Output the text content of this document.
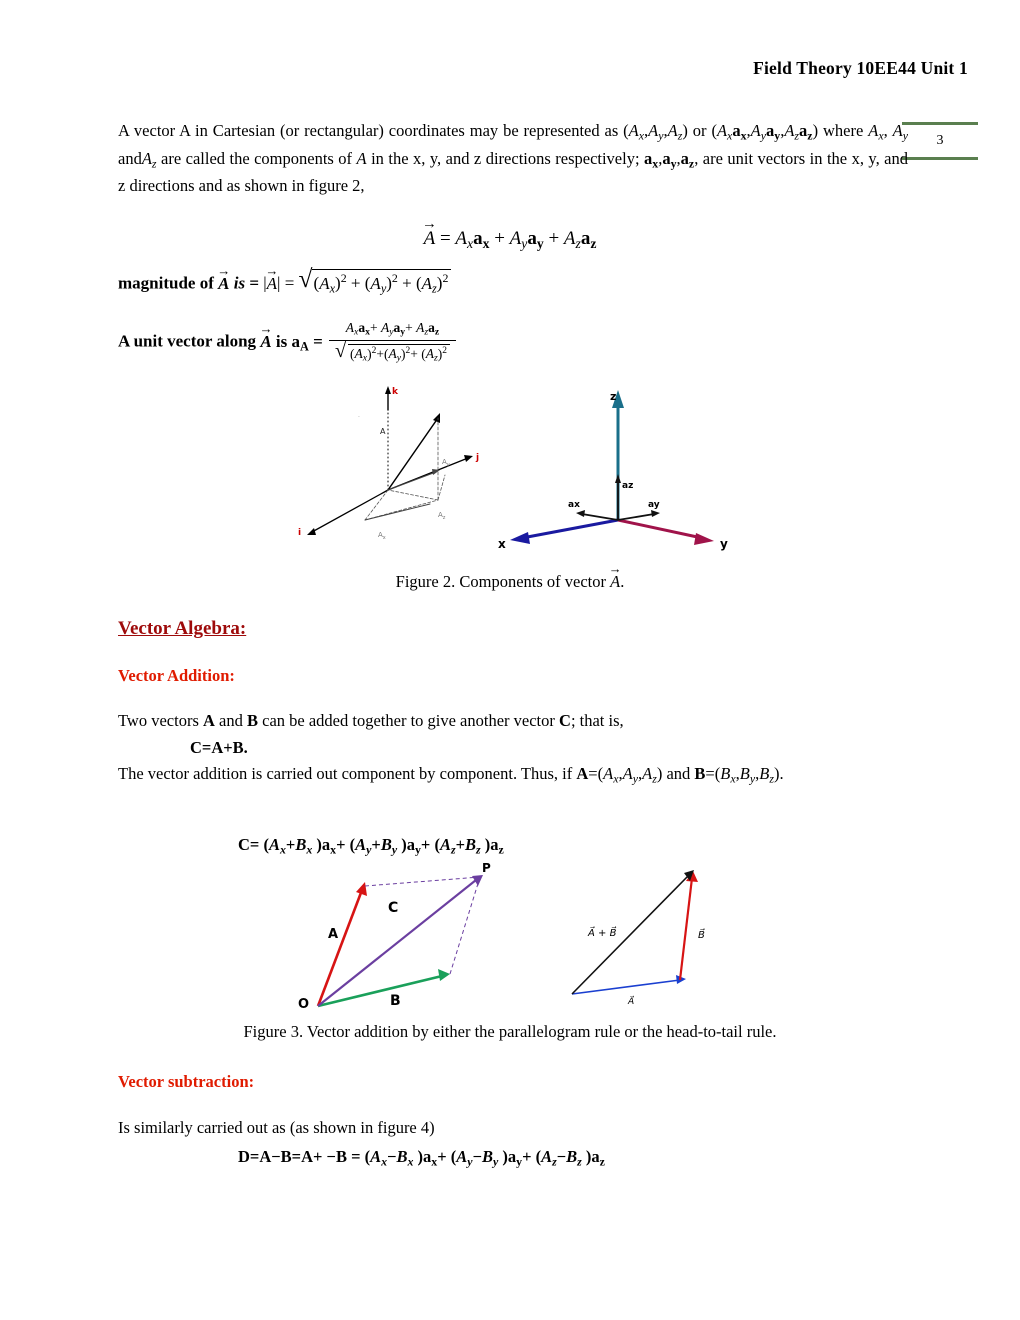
Field Theory 10EE44 Unit 1
3
A vector A in Cartesian (or rectangular) coordinates may be represented as $(A_x,A_y,A_z)$ or $(A_xa_x,A_ya_y,A_za_z)$ where $A_x$, $A_y$ andA$_z$ are called the components of A in the x, y, and z directions respectively; $a_x,a_y,a_z$, are unit vectors in the x, y, and z directions and as shown in figure 2,
→ $A = A_xa_x + A_ya_y + A_za_z$
magnitude of → A is = |→ A| = √ $(A_x)^2 + (A_y)^2 + (A_z)^2$
A unit vector along → A is $a_A = A_xa_x+ A_ya_y+ A_za_z$
√ $(A_x)^2+(A_y)^2+ (A_z)^2$
k
A
$A_y$
j
i	$A_x$
$A_z$
·
z
az
ax	ay
x	y
Figure 2. Components of vector → A.
Vector Algebra:
Vector Addition:
Two vectors A and B can be added together to give another vector C; that is,
C=A+B.
The vector addition is carried out component by component. Thus, if $A=(A_x,A_y,A_z)$ and $B=(B_x,B_y,B_z)$.
$C= (A_x+B_x$ )$a_x+ (A_y+B_y$ )$a_y+ (A_z+B_z$ )$a_z$
P
C
A
B
O
A⃗ + B⃗	B⃗
A⃗
Figure 3. Vector addition by either the parallelogram rule or the head-to-tail rule.
Vector subtraction:
Is similarly carried out as (as shown in figure 4)
$D=A-B=A+ -B = (A_x-B_x$ )$a_x+ (A_y-B_y$ )$a_y+ (A_z-B_z$ )$a_z$
